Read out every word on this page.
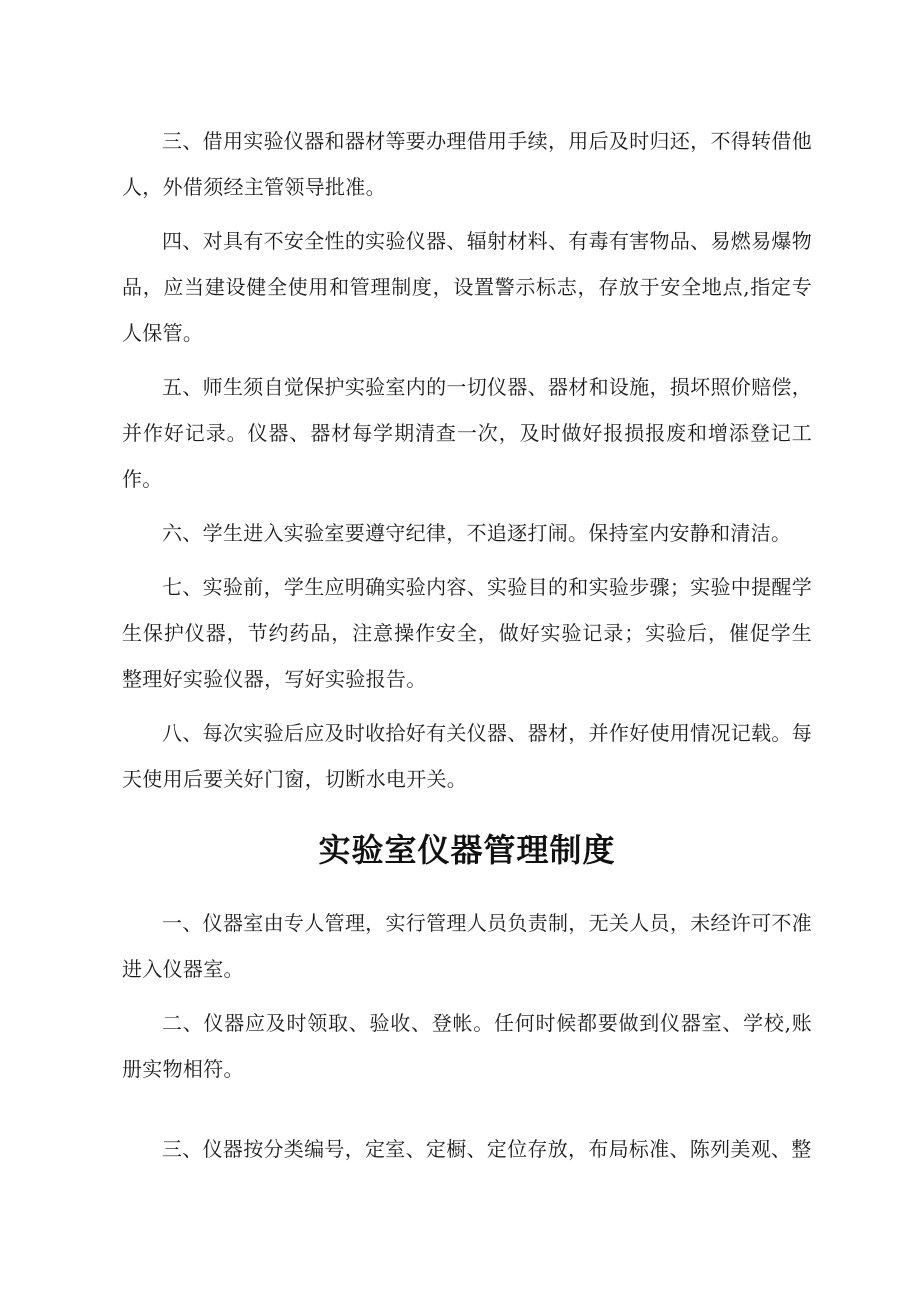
三、借用实验仪器和器材等要办理借用手续，用后及时归还，不得转借他人，外借须经主管领导批准。

四、对具有不安全性的实验仪器、辐射材料、有毒有害物品、易燃易爆物品，应当建设健全使用和管理制度，设置警示标志，存放于安全地点,指定专人保管。

五、师生须自觉保护实验室内的一切仪器、器材和设施，损坏照价赔偿，并作好记录。仪器、器材每学期清查一次，及时做好报损报废和增添登记工作。

六、学生进入实验室要遵守纪律，不追逐打闹。保持室内安静和清洁。

七、实验前，学生应明确实验内容、实验目的和实验步骤；实验中提醒学生保护仪器，节约药品，注意操作安全，做好实验记录；实验后，催促学生整理好实验仪器，写好实验报告。

八、每次实验后应及时收拾好有关仪器、器材，并作好使用情况记载。每天使用后要关好门窗，切断水电开关。

实验室仪器管理制度

一、仪器室由专人管理，实行管理人员负责制，无关人员，未经许可不准进入仪器室。

二、仪器应及时领取、验收、登帐。任何时候都要做到仪器室、学校,账册实物相符。

三、仪器按分类编号，定室、定橱、定位存放，布局标准、陈列美观、整
